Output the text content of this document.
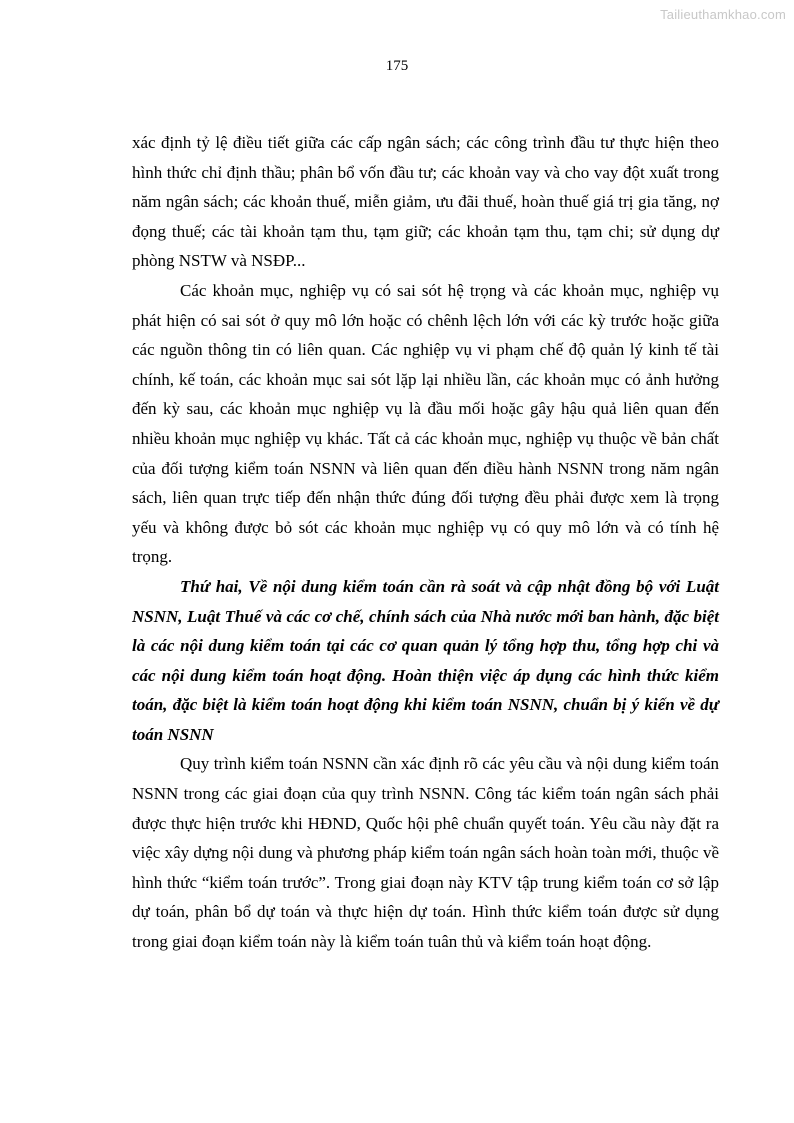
Tailieuthamkhao.com
175

xác định tỷ lệ điều tiết giữa các cấp ngân sách; các công trình đầu tư thực hiện theo hình thức chỉ định thầu; phân bổ vốn đầu tư; các khoản vay và cho vay đột xuất trong năm ngân sách; các khoản thuế, miễn giảm, ưu đãi thuế, hoàn thuế giá trị gia tăng, nợ đọng thuế; các tài khoản tạm thu, tạm giữ; các khoản tạm thu, tạm chi; sử dụng dự phòng NSTW và NSĐP...

Các khoản mục, nghiệp vụ có sai sót hệ trọng và các khoản mục, nghiệp vụ phát hiện có sai sót ở quy mô lớn hoặc có chênh lệch lớn với các kỳ trước hoặc giữa các nguồn thông tin có liên quan. Các nghiệp vụ vi phạm chế độ quản lý kinh tế tài chính, kế toán, các khoản mục sai sót lặp lại nhiều lần, các khoản mục có ảnh hưởng đến kỳ sau, các khoản mục nghiệp vụ là đầu mối hoặc gây hậu quả liên quan đến nhiều khoản mục nghiệp vụ khác. Tất cả các khoản mục, nghiệp vụ thuộc về bản chất của đối tượng kiểm toán NSNN và liên quan đến điều hành NSNN trong năm ngân sách, liên quan trực tiếp đến nhận thức đúng đối tượng đều phải được xem là trọng yếu và không được bỏ sót các khoản mục nghiệp vụ có quy mô lớn và có tính hệ trọng.

Thứ hai, Về nội dung kiểm toán cần rà soát và cập nhật đồng bộ với Luật NSNN, Luật Thuế và các cơ chế, chính sách của Nhà nước mới ban hành, đặc biệt là các nội dung kiểm toán tại các cơ quan quản lý tổng hợp thu, tổng hợp chi và các nội dung kiểm toán hoạt động. Hoàn thiện việc áp dụng các hình thức kiểm toán, đặc biệt là kiểm toán hoạt động khi kiểm toán NSNN, chuẩn bị ý kiến về dự toán NSNN

Quy trình kiểm toán NSNN cần xác định rõ các yêu cầu và nội dung kiểm toán NSNN trong các giai đoạn của quy trình NSNN. Công tác kiểm toán ngân sách phải được thực hiện trước khi HĐND, Quốc hội phê chuẩn quyết toán. Yêu cầu này đặt ra việc xây dựng nội dung và phương pháp kiểm toán ngân sách hoàn toàn mới, thuộc về hình thức “kiểm toán trước”. Trong giai đoạn này KTV tập trung kiểm toán cơ sở lập dự toán, phân bổ dự toán và thực hiện dự toán. Hình thức kiểm toán được sử dụng trong giai đoạn kiểm toán này là kiểm toán tuân thủ và kiểm toán hoạt động.
